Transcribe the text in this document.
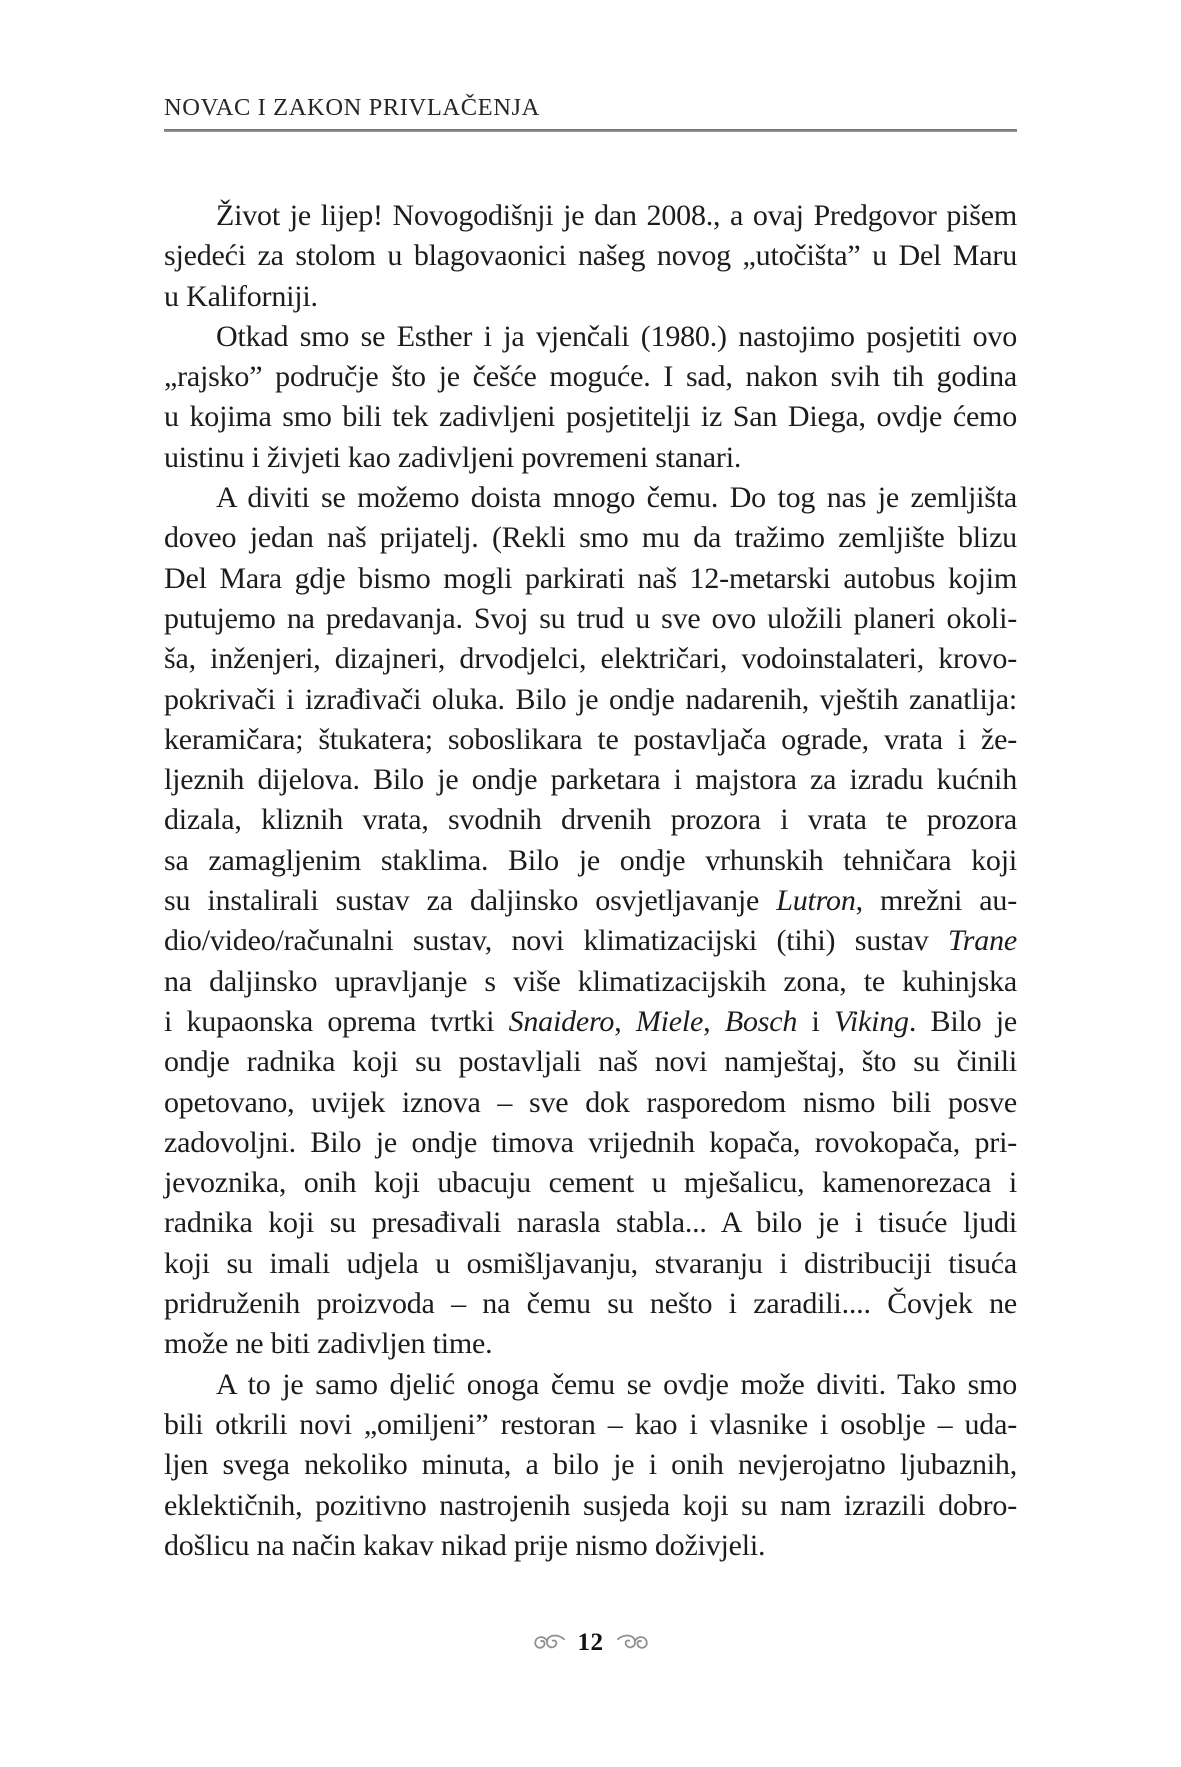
NOVAC I ZAKON PRIVLAČENJA
Život je lijep! Novogodišnji je dan 2008., a ovaj Predgovor pišem
sjedeći za stolom u blagovaonici našeg novog „utočišta” u Del Maru
u Kaliforniji.
Otkad smo se Esther i ja vjenčali (1980.) nastojimo posjetiti ovo
„rajsko” područje što je češće moguće. I sad, nakon svih tih godina
u kojima smo bili tek zadivljeni posjetitelji iz San Diega, ovdje ćemo
uistinu i živjeti kao zadivljeni povremeni stanari.
A diviti se možemo doista mnogo čemu. Do tog nas je zemljišta
doveo jedan naš prijatelj. (Rekli smo mu da tražimo zemljište blizu
Del Mara gdje bismo mogli parkirati naš 12-metarski autobus kojim
putujemo na predavanja. Svoj su trud u sve ovo uložili planeri okoli-
ša, inženjeri, dizajneri, drvodjelci, električari, vodoinstalateri, krovo-
pokrivači i izrađivači oluka. Bilo je ondje nadarenih, vještih zanatlija:
keramičara; štukatera; soboslikara te postavljača ograde, vrata i že-
ljeznih dijelova. Bilo je ondje parketara i majstora za izradu kućnih
dizala, kliznih vrata, svodnih drvenih prozora i vrata te prozora
sa zamagljenim staklima. Bilo je ondje vrhunskih tehničara koji
su instalirali sustav za daljinsko osvjetljavanje Lutron, mrežni au-
dio/video/računalni sustav, novi klimatizacijski (tihi) sustav Trane
na daljinsko upravljanje s više klimatizacijskih zona, te kuhinjska
i kupaonska oprema tvrtki Snaidero, Miele, Bosch i Viking. Bilo je
ondje radnika koji su postavljali naš novi namještaj, što su činili
opetovano, uvijek iznova – sve dok rasporedom nismo bili posve
zadovoljni. Bilo je ondje timova vrijednih kopača, rovokopača, pri-
jevoznika, onih koji ubacuju cement u mješalicu, kamenorezaca i
radnika koji su presađivali narasla stabla... A bilo je i tisuće ljudi
koji su imali udjela u osmišljavanju, stvaranju i distribuciji tisuća
pridruženih proizvoda – na čemu su nešto i zaradili.... Čovjek ne
može ne biti zadivljen time.
A to je samo djelić onoga čemu se ovdje može diviti. Tako smo
bili otkrili novi „omiljeni” restoran – kao i vlasnike i osoblje – uda-
ljen svega nekoliko minuta, a bilo je i onih nevjerojatno ljubaznih,
eklektičnih, pozitivno nastrojenih susjeda koji su nam izrazili dobro-
došlicu na način kakav nikad prije nismo doživjeli.
12
